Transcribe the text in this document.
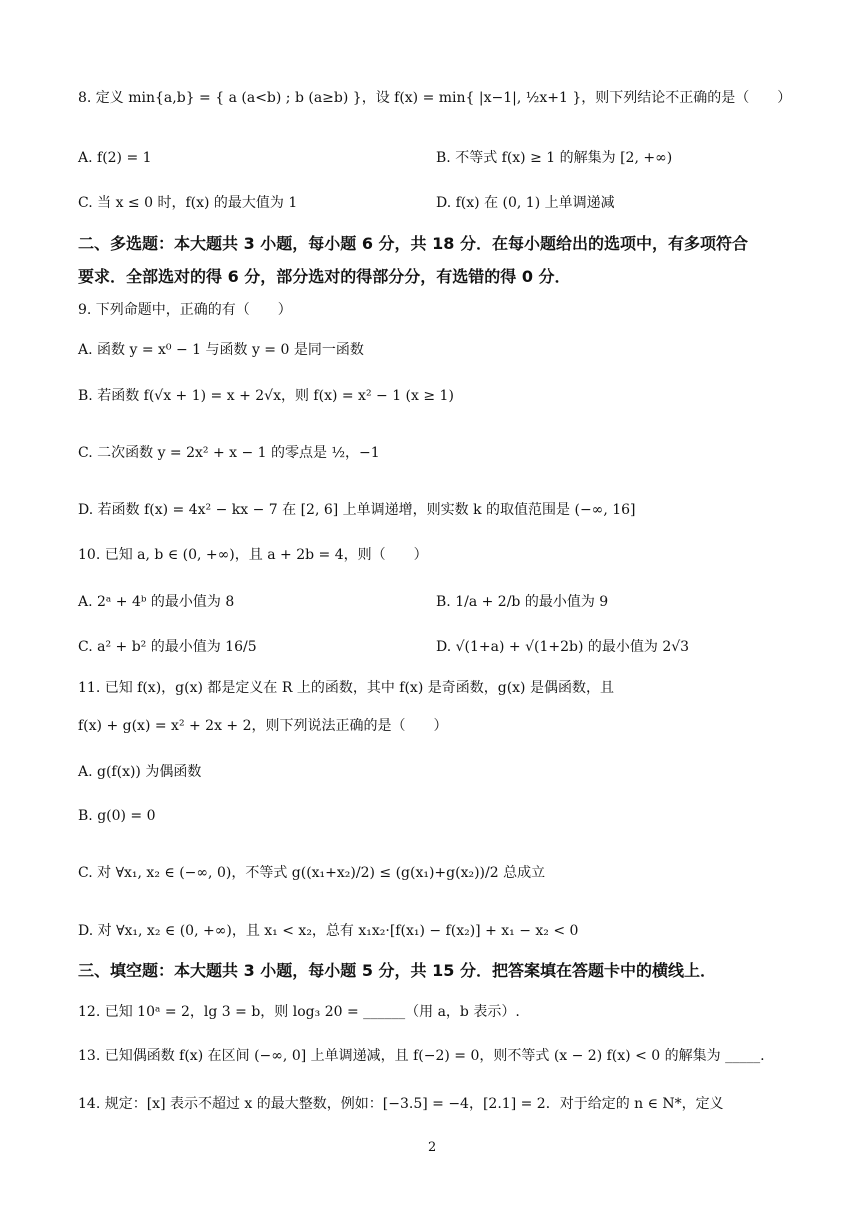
8. 定义 min{a,b} = { a (a<b) ; b (a≥b) }，设 f(x) = min{ |x−1|, ½x+1 }，则下列结论不正确的是（　　）
A. f(2) = 1	B. 不等式 f(x) ≥ 1 的解集为 [2, +∞)
C. 当 x ≤ 0 时，f(x) 的最大值为 1	D. f(x) 在 (0, 1) 上单调递减
二、多选题：本大题共 3 小题，每小题 6 分，共 18 分．在每小题给出的选项中，有多项符合
要求．全部选对的得 6 分，部分选对的得部分分，有选错的得 0 分．
9. 下列命题中，正确的有（　　）
A. 函数 y = x⁰ − 1 与函数 y = 0 是同一函数
B. 若函数 f(√x + 1) = x + 2√x，则 f(x) = x² − 1 (x ≥ 1)
C. 二次函数 y = 2x² + x − 1 的零点是 ½，−1
D. 若函数 f(x) = 4x² − kx − 7 在 [2, 6] 上单调递增，则实数 k 的取值范围是 (−∞, 16]
10. 已知 a, b ∈ (0, +∞)，且 a + 2b = 4，则（　　）
A. 2ᵃ + 4ᵇ 的最小值为 8	B. 1/a + 2/b 的最小值为 9
C. a² + b² 的最小值为 16/5	D. √(1+a) + √(1+2b) 的最小值为 2√3
11. 已知 f(x)，g(x) 都是定义在 R 上的函数，其中 f(x) 是奇函数，g(x) 是偶函数，且
f(x) + g(x) = x² + 2x + 2，则下列说法正确的是（　　）
A. g(f(x)) 为偶函数
B. g(0) = 0
C. 对 ∀x₁, x₂ ∈ (−∞, 0)，不等式 g((x₁+x₂)/2) ≤ (g(x₁)+g(x₂))/2 总成立
D. 对 ∀x₁, x₂ ∈ (0, +∞)，且 x₁ < x₂，总有 x₁x₂·[f(x₁) − f(x₂)] + x₁ − x₂ < 0
三、填空题：本大题共 3 小题，每小题 5 分，共 15 分．把答案填在答题卡中的横线上．
12. 已知 10ᵃ = 2，lg 3 = b，则 log₃ 20 = ______（用 a，b 表示）.
13. 已知偶函数 f(x) 在区间 (−∞, 0] 上单调递减，且 f(−2) = 0，则不等式 (x − 2) f(x) < 0 的解集为 _____.
14. 规定：[x] 表示不超过 x 的最大整数，例如：[−3.5] = −4，[2.1] = 2．对于给定的 n ∈ N*，定义
2
